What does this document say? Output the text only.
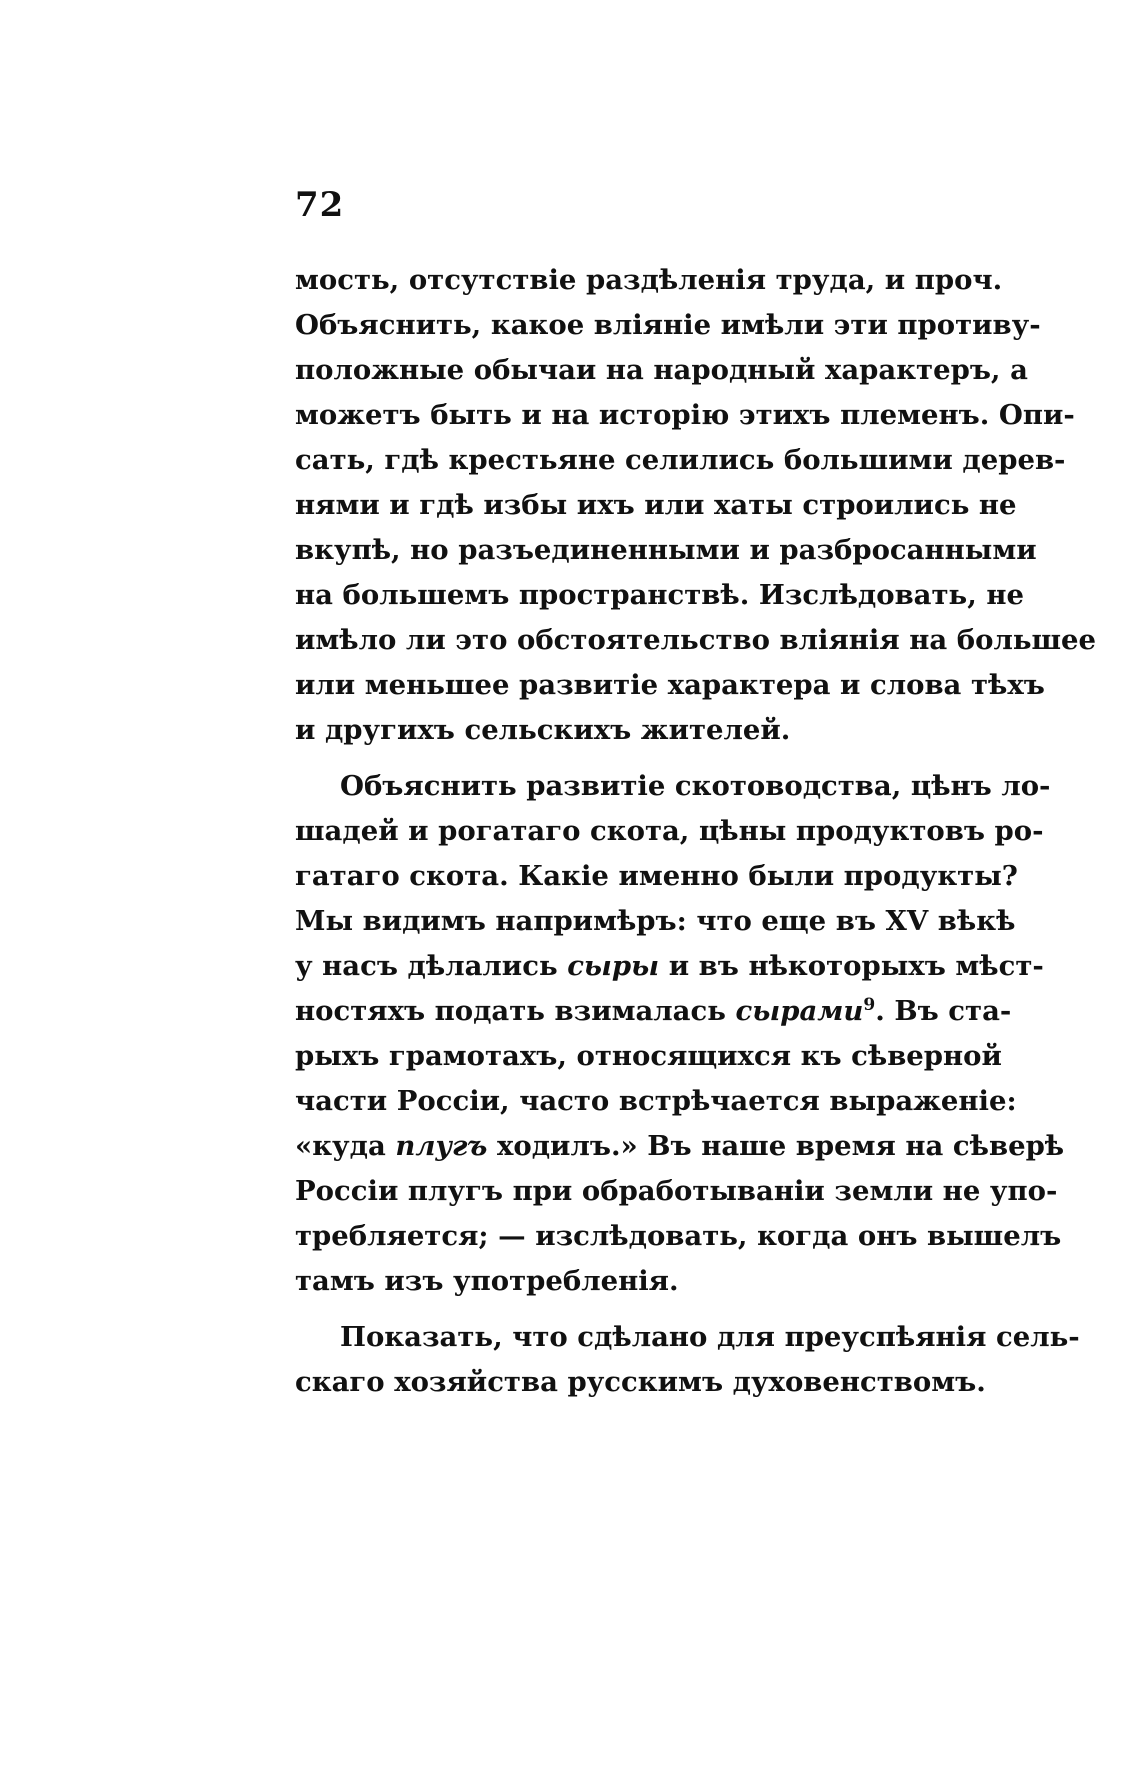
72
мость, отсутствіе раздѣленія труда, и проч.
Объяснить, какое вліяніе имѣли эти противу-
положные обычаи на народный характеръ, а
можетъ быть и на исторію этихъ племенъ. Опи-
сать, гдѣ крестьяне селились большими дерев-
нями и гдѣ избы ихъ или хаты строились не
вкупѣ, но разъединенными и разбросанными
на большемъ пространствѣ. Изслѣдовать, не
имѣло ли это обстоятельство вліянія на большее
или меньшее развитіе характера и слова тѣхъ
и другихъ сельскихъ жителей.
Объяснить развитіе скотоводства, цѣнъ ло-
шадей и рогатаго скота, цѣны продуктовъ ро-
гатаго скота. Какіе именно были продукты?
Мы видимъ напримѣръ: что еще въ XV вѣкѣ
у насъ дѣлались сыры и въ нѣкоторыхъ мѣст-
ностяхъ подать взималась сырами$^9$. Въ ста-
рыхъ грамотахъ, относящихся къ сѣверной
части Россіи, часто встрѣчается выраженіе:
«куда плугъ ходилъ.» Въ наше время на сѣверѣ
Россіи плугъ при обработываніи земли не упо-
требляется; — изслѣдовать, когда онъ вышелъ
тамъ изъ употребленія.
Показать, что сдѣлано для преуспѣянія сель-
скаго хозяйства русскимъ духовенствомъ.
